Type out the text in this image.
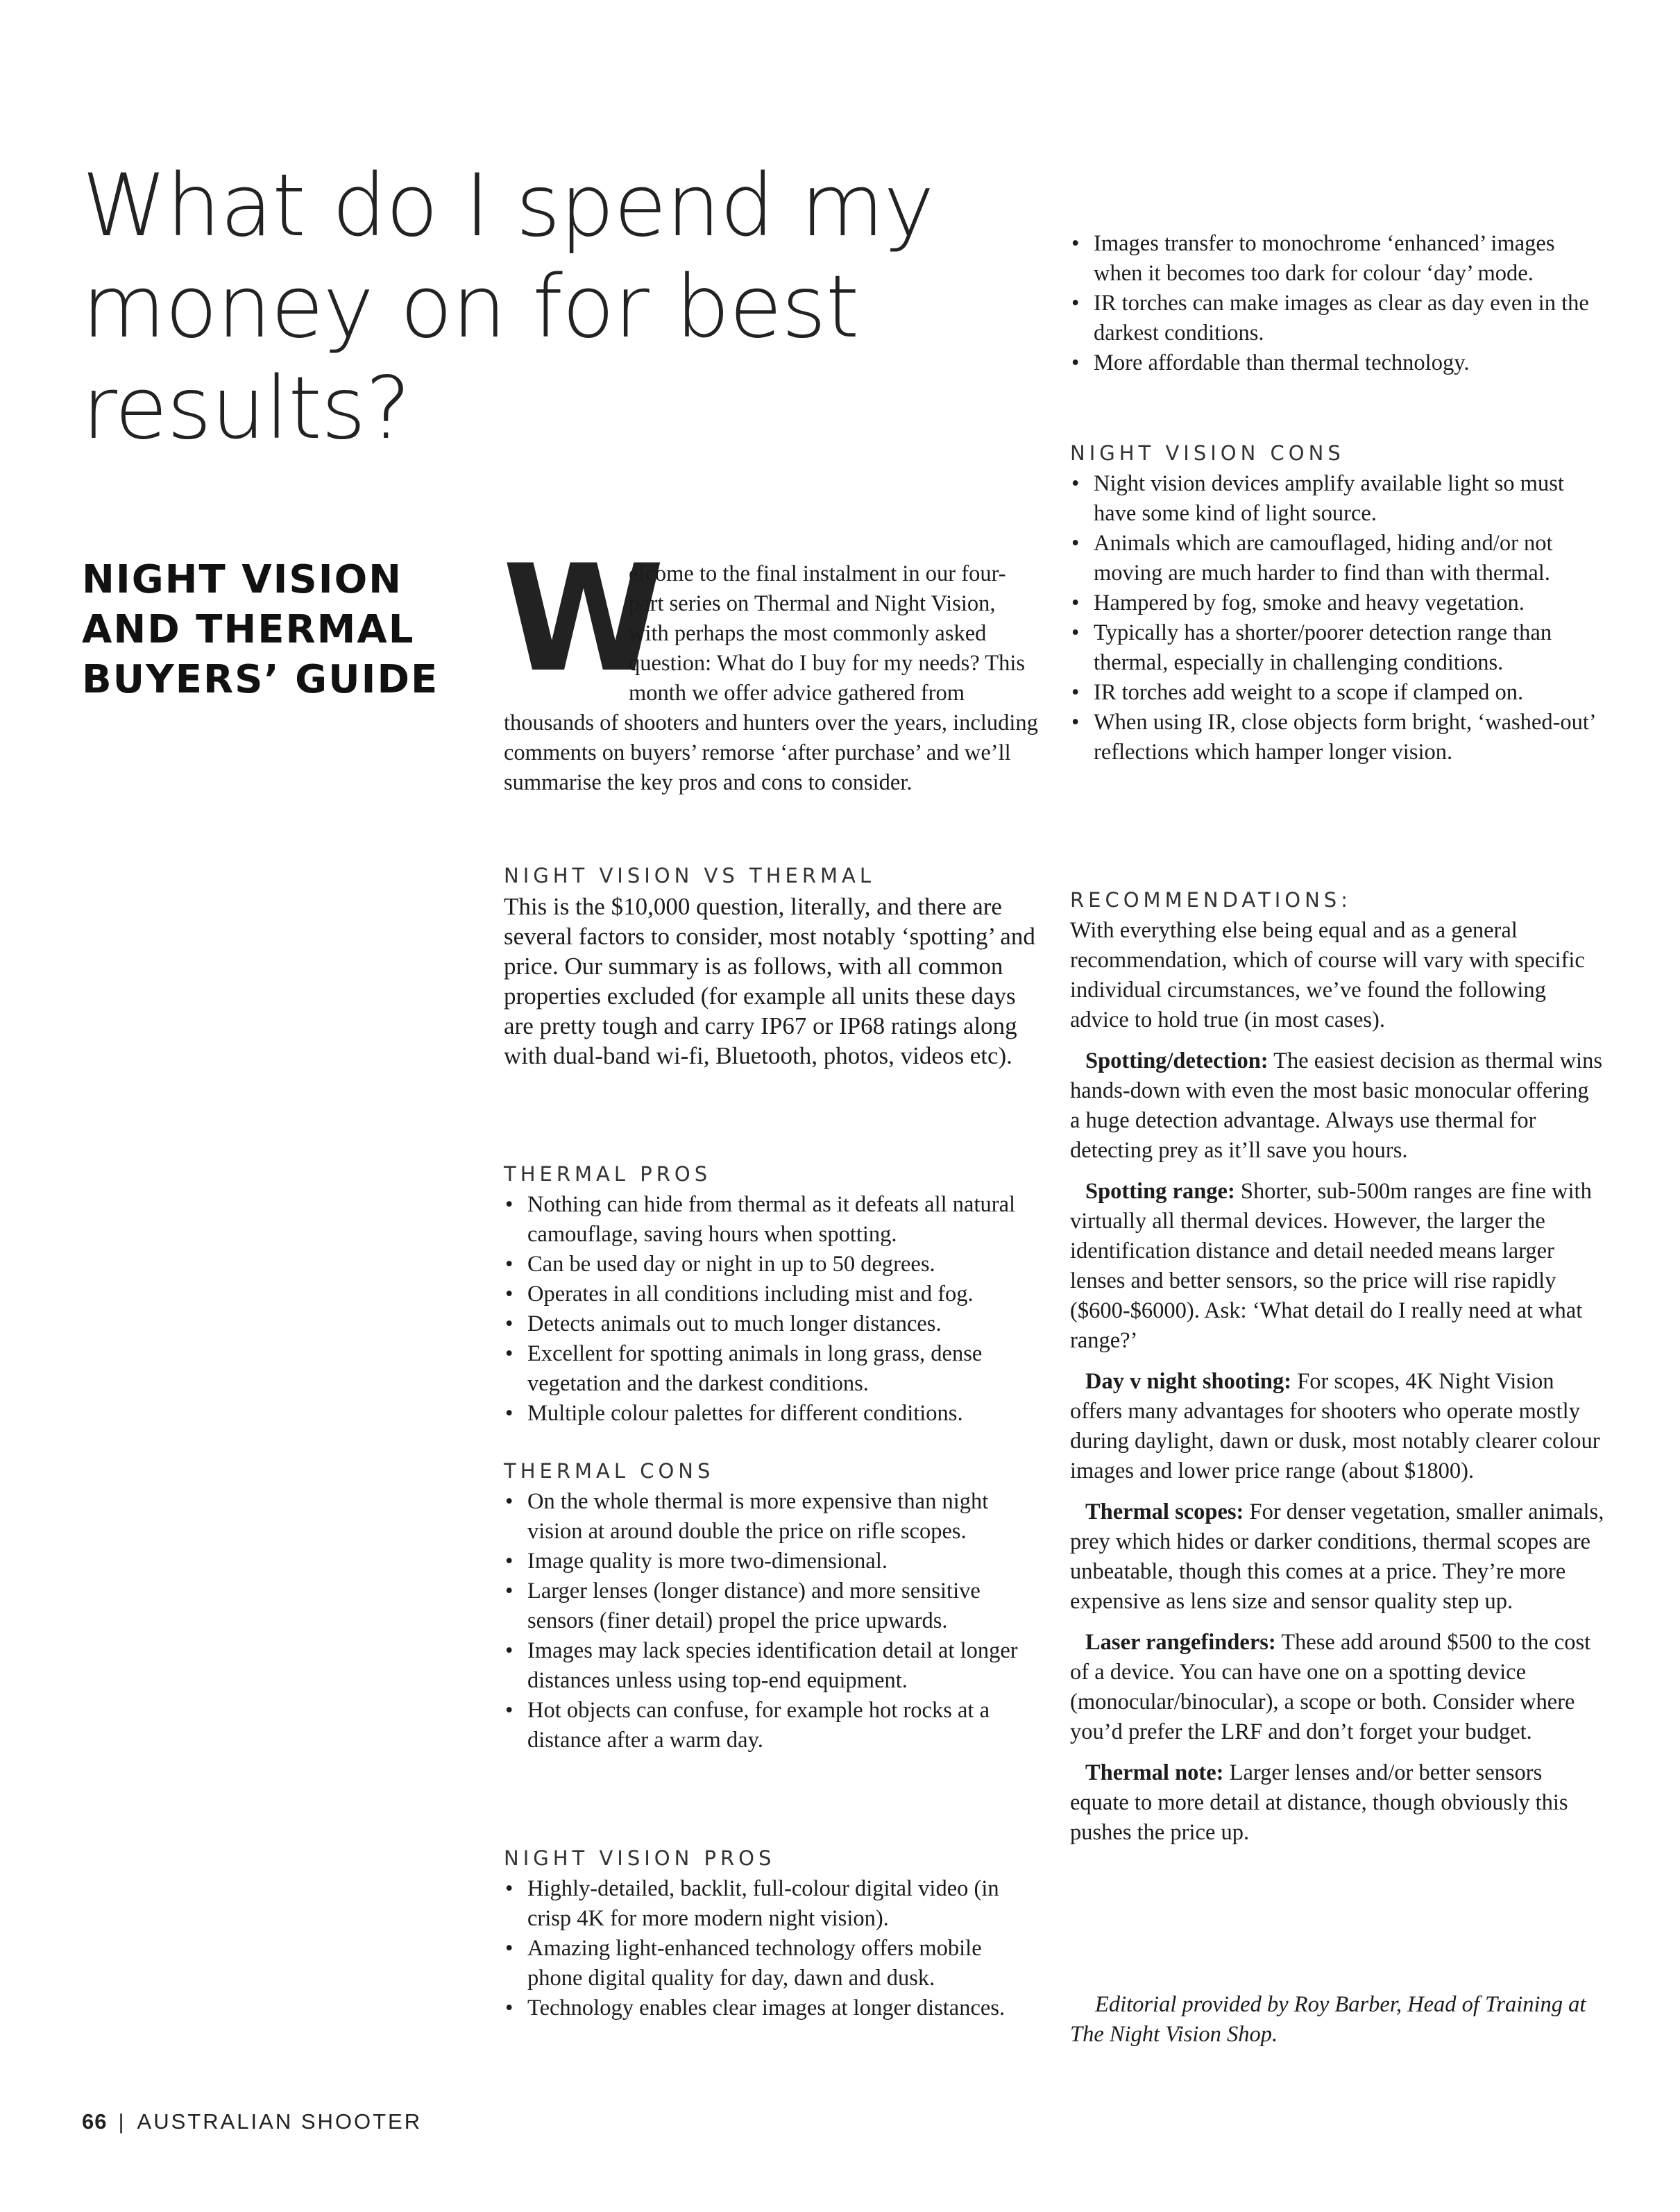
What do I spend my
money on for best
results?
NIGHT VISION
AND THERMAL
BUYERS’ GUIDE W

elcome to the final instalment in our four-part series on Thermal and Night Vision, with perhaps the most commonly asked question: What do I buy for my needs? This month we offer advice gathered from thousands of shooters and hunters over the years, including comments on buyers’ remorse ‘after purchase’ and we’ll summarise the key pros and cons to consider.

NIGHT VISION VS THERMAL

This is the $10,000 question, literally, and there are several factors to consider, most notably ‘spotting’ and price. Our summary is as follows, with all common properties excluded (for example all units these days are pretty tough and carry IP67 or IP68 ratings along with dual-band wi-fi, Bluetooth, photos, videos etc).

THERMAL PROS
• Nothing can hide from thermal as it defeats all natural camouflage, saving hours when spotting.
• Can be used day or night in up to 50 degrees.
• Operates in all conditions including mist and fog.
• Detects animals out to much longer distances.
• Excellent for spotting animals in long grass, dense vegetation and the darkest conditions.
• Multiple colour palettes for different conditions.
THERMAL CONS
• On the whole thermal is more expensive than night vision at around double the price on rifle scopes.
• Image quality is more two-dimensional.
• Larger lenses (longer distance) and more sensitive sensors (finer detail) propel the price upwards.
• Images may lack species identification detail at longer distances unless using top-end equipment.
• Hot objects can confuse, for example hot rocks at a distance after a warm day.
NIGHT VISION PROS
• Highly-detailed, backlit, full-colour digital video (in crisp 4K for more modern night vision).
• Amazing light-enhanced technology offers mobile phone digital quality for day, dawn and dusk.
• Technology enables clear images at longer distances.
• Images transfer to monochrome ‘enhanced’ images when it becomes too dark for colour ‘day’ mode.
• IR torches can make images as clear as day even in the darkest conditions.
• More affordable than thermal technology.
NIGHT VISION CONS
• Night vision devices amplify available light so must have some kind of light source.
• Animals which are camouflaged, hiding and/or not moving are much harder to find than with thermal.
• Hampered by fog, smoke and heavy vegetation.
• Typically has a shorter/poorer detection range than thermal, especially in challenging conditions.
• IR torches add weight to a scope if clamped on.
• When using IR, close objects form bright, ‘washed-out’ reflections which hamper longer vision.
RECOMMENDATIONS:

With everything else being equal and as a general recommendation, which of course will vary with specific individual circumstances, we’ve found the following advice to hold true (in most cases).

Spotting/detection: The easiest decision as thermal wins hands-down with even the most basic monocular offering a huge detection advantage. Always use thermal for detecting prey as it’ll save you hours.

Spotting range: Shorter, sub-500m ranges are fine with virtually all thermal devices. However, the larger the identification distance and detail needed means larger lenses and better sensors, so the price will rise rapidly ($600-$6000). Ask: ‘What detail do I really need at what range?’

Day v night shooting: For scopes, 4K Night Vision offers many advantages for shooters who operate mostly during daylight, dawn or dusk, most notably clearer colour images and lower price range (about $1800).

Thermal scopes: For denser vegetation, smaller animals, prey which hides or darker conditions, thermal scopes are unbeatable, though this comes at a price. They’re more expensive as lens size and sensor quality step up.

Laser rangefinders: These add around $500 to the cost of a device. You can have one on a spotting device (monocular/binocular), a scope or both. Consider where you’d prefer the LRF and don’t forget your budget.

Thermal note: Larger lenses and/or better sensors equate to more detail at distance, though obviously this pushes the price up.

Editorial provided by Roy Barber, Head of Training at The Night Vision Shop.

66 | AUSTRALIAN SHOOTER
